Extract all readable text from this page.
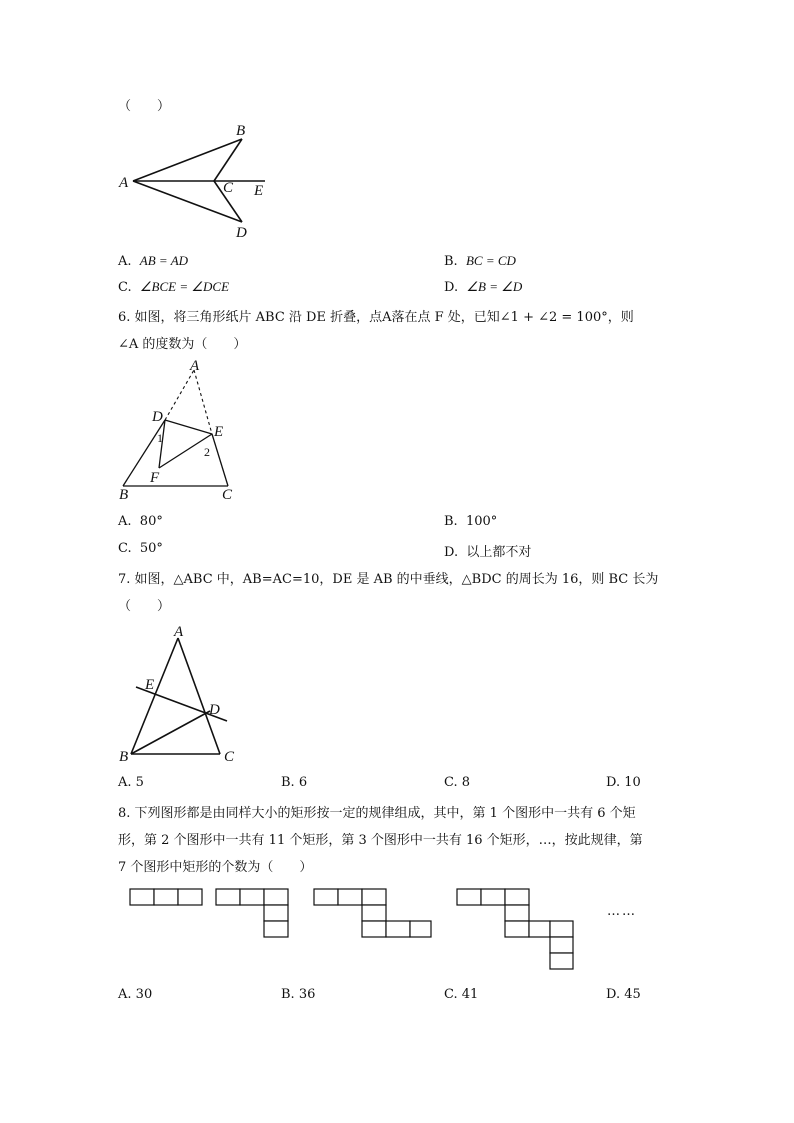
（　　）
A
B
C E
D
A. AB = AD	B. BC = CD
C. ∠BCE = ∠DCE	D. ∠B = ∠D
6. 如图，将三角形纸片 ABC 沿 DE 折叠，点A落在点 F 处，已知∠1 + ∠2 = 100°，则
∠A 的度数为（　　）
A
D
E
1
2
F
B	C
A. 80°	B. 100°
C. 50°	D. 以上都不对
7. 如图，△ABC 中，AB=AC=10，DE 是 AB 的中垂线，△BDC 的周长为 16，则 BC 长为
（　　）
A
E
D
B	C
A. 5	B. 6	C. 8	D. 10
8. 下列图形都是由同样大小的矩形按一定的规律组成，其中，第 1 个图形中一共有 6 个矩
形，第 2 个图形中一共有 11 个矩形，第 3 个图形中一共有 16 个矩形，…，按此规律，第
7 个图形中矩形的个数为（　　）
……
A. 30	B. 36	C. 41	D. 45
